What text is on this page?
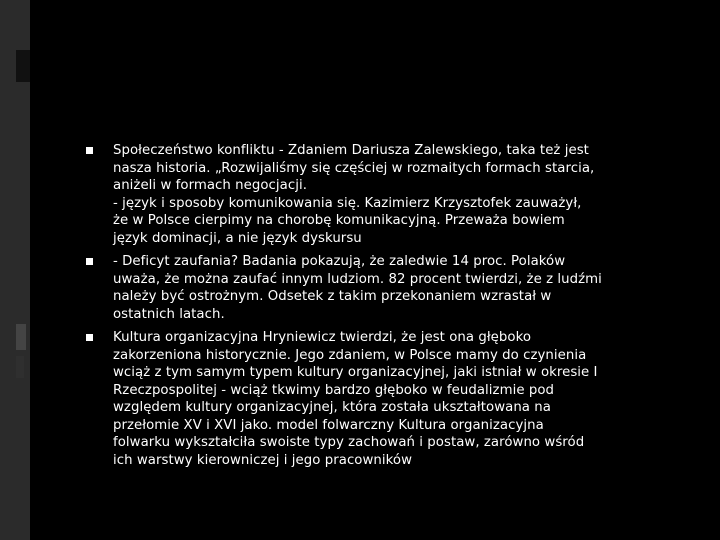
Społeczeństwo konfliktu - Zdaniem Dariusza Zalewskiego, taka też jest
nasza historia. „Rozwijaliśmy się częściej w rozmaitych formach starcia,
aniżeli w formach negocjacji.
- język i sposoby komunikowania się. Kazimierz Krzysztofek zauważył,
że w Polsce cierpimy na chorobę komunikacyjną. Przeważa bowiem
język dominacji, a nie język dyskursu
- Deficyt zaufania? Badania pokazują, że zaledwie 14 proc. Polaków
uważa, że można zaufać innym ludziom. 82 procent twierdzi, że z ludźmi
należy być ostrożnym. Odsetek z takim przekonaniem wzrastał w
ostatnich latach.
Kultura organizacyjna Hryniewicz twierdzi, że jest ona głęboko
zakorzeniona historycznie. Jego zdaniem, w Polsce mamy do czynienia
wciąż z tym samym typem kultury organizacyjnej, jaki istniał w okresie I
Rzeczpospolitej - wciąż tkwimy bardzo głęboko w feudalizmie pod
względem kultury organizacyjnej, która została ukształtowana na
przełomie XV i XVI jako. model folwarczny Kultura organizacyjna
folwarku wykształciła swoiste typy zachowań i postaw, zarówno wśród
ich warstwy kierowniczej i jego pracowników
